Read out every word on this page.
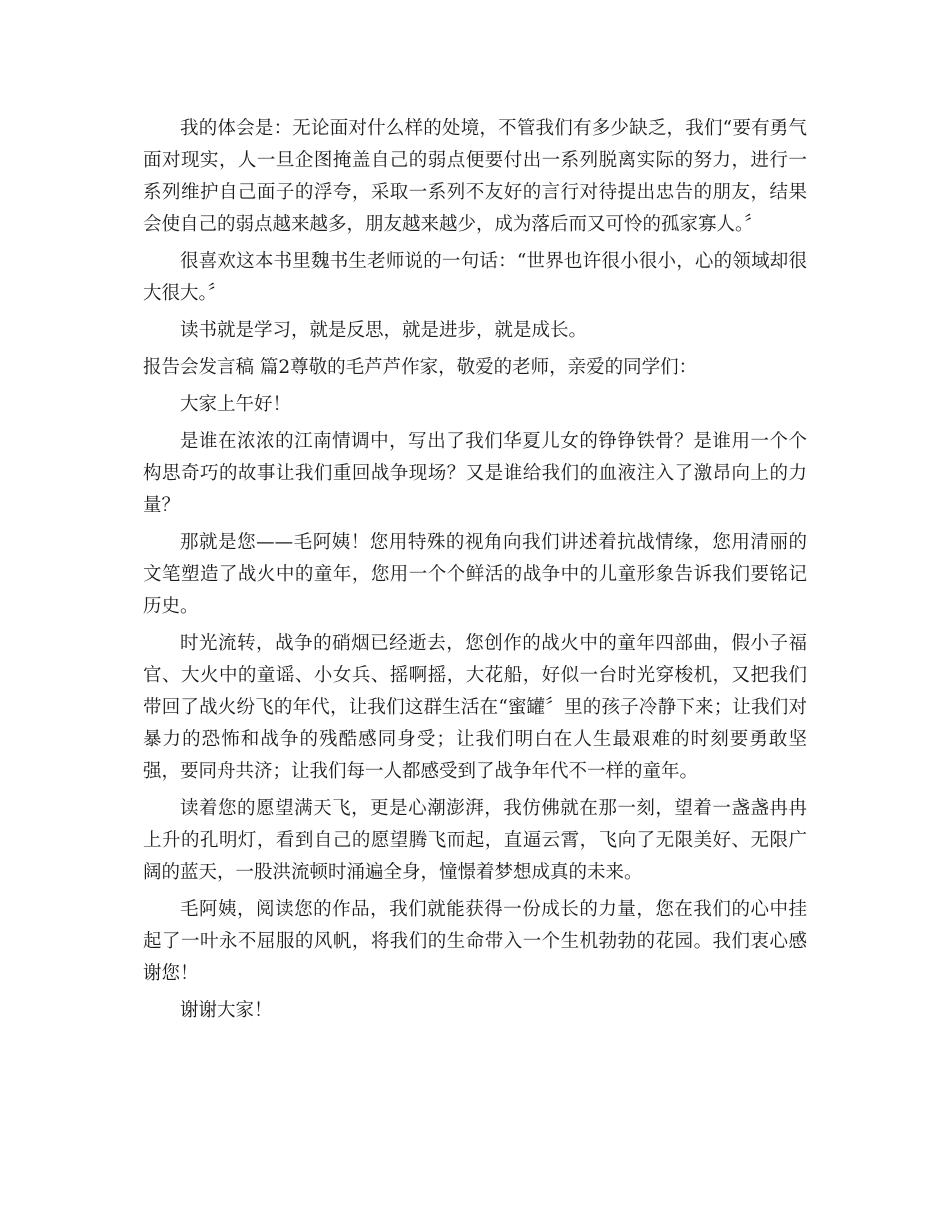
我的体会是：无论面对什么样的处境，不管我们有多少缺乏，我们“要有勇气面对现实，人一旦企图掩盖自己的弱点便要付出一系列脱离实际的努力，进行一系列维护自己面子的浮夸，采取一系列不友好的言行对待提出忠告的朋友，结果会使自己的弱点越来越多，朋友越来越少，成为落后而又可怜的孤家寡人。〞

很喜欢这本书里魏书生老师说的一句话：“世界也许很小很小，心的领域却很大很大。〞

读书就是学习，就是反思，就是进步，就是成长。

报告会发言稿 篇2尊敬的毛芦芦作家，敬爱的老师，亲爱的同学们：

大家上午好！

是谁在浓浓的江南情调中，写出了我们华夏儿女的铮铮铁骨？是谁用一个个构思奇巧的故事让我们重回战争现场？又是谁给我们的血液注入了激昂向上的力量？

那就是您——毛阿姨！您用特殊的视角向我们讲述着抗战情缘，您用清丽的文笔塑造了战火中的童年，您用一个个鲜活的战争中的儿童形象告诉我们要铭记历史。

时光流转，战争的硝烟已经逝去，您创作的战火中的童年四部曲，假小子福官、大火中的童谣、小女兵、摇啊摇，大花船，好似一台时光穿梭机，又把我们带回了战火纷飞的年代，让我们这群生活在“蜜罐〞里的孩子冷静下来；让我们对暴力的恐怖和战争的残酷感同身受；让我们明白在人生最艰难的时刻要勇敢坚强，要同舟共济；让我们每一人都感受到了战争年代不一样的童年。

读着您的愿望满天飞，更是心潮澎湃，我仿佛就在那一刻，望着一盏盏冉冉上升的孔明灯，看到自己的愿望腾飞而起，直逼云霄，飞向了无限美好、无限广阔的蓝天，一股洪流顿时涌遍全身，憧憬着梦想成真的未来。

毛阿姨，阅读您的作品，我们就能获得一份成长的力量，您在我们的心中挂起了一叶永不屈服的风帆，将我们的生命带入一个生机勃勃的花园。我们衷心感谢您！

谢谢大家！
